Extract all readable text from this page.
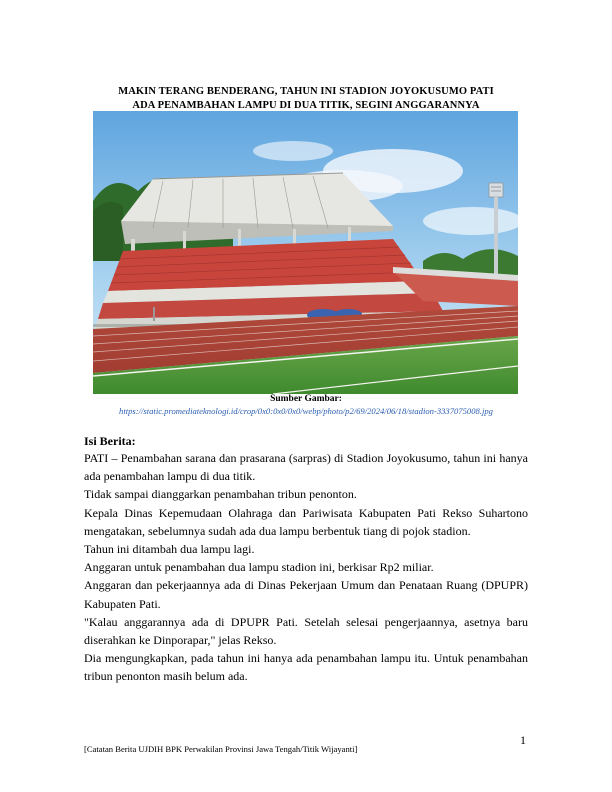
MAKIN TERANG BENDERANG, TAHUN INI STADION JOYOKUSUMO PATI
ADA PENAMBAHAN LAMPU DI DUA TITIK, SEGINI ANGGARANNYA
Sumber Gambar:
https://static.promediateknologi.id/crop/0x0:0x0/0x0/webp/photo/p2/69/2024/06/18/stadion-3337075008.jpg
Isi Berita:

PATI – Penambahan sarana dan prasarana (sarpras) di Stadion Joyokusumo, tahun ini hanya ada penambahan lampu di dua titik.

Tidak sampai dianggarkan penambahan tribun penonton.

Kepala Dinas Kepemudaan Olahraga dan Pariwisata Kabupaten Pati Rekso Suhartono mengatakan, sebelumnya sudah ada dua lampu berbentuk tiang di pojok stadion.

Tahun ini ditambah dua lampu lagi.

Anggaran untuk penambahan dua lampu stadion ini, berkisar Rp2 miliar.

Anggaran dan pekerjaannya ada di Dinas Pekerjaan Umum dan Penataan Ruang (DPUPR) Kabupaten Pati.

"Kalau anggarannya ada di DPUPR Pati. Setelah selesai pengerjaannya, asetnya baru diserahkan ke Dinporapar," jelas Rekso.

Dia mengungkapkan, pada tahun ini hanya ada penambahan lampu itu. Untuk penambahan tribun penonton masih belum ada.

1
[Catatan Berita UJDIH BPK Perwakilan Provinsi Jawa Tengah/Titik Wijayanti]
